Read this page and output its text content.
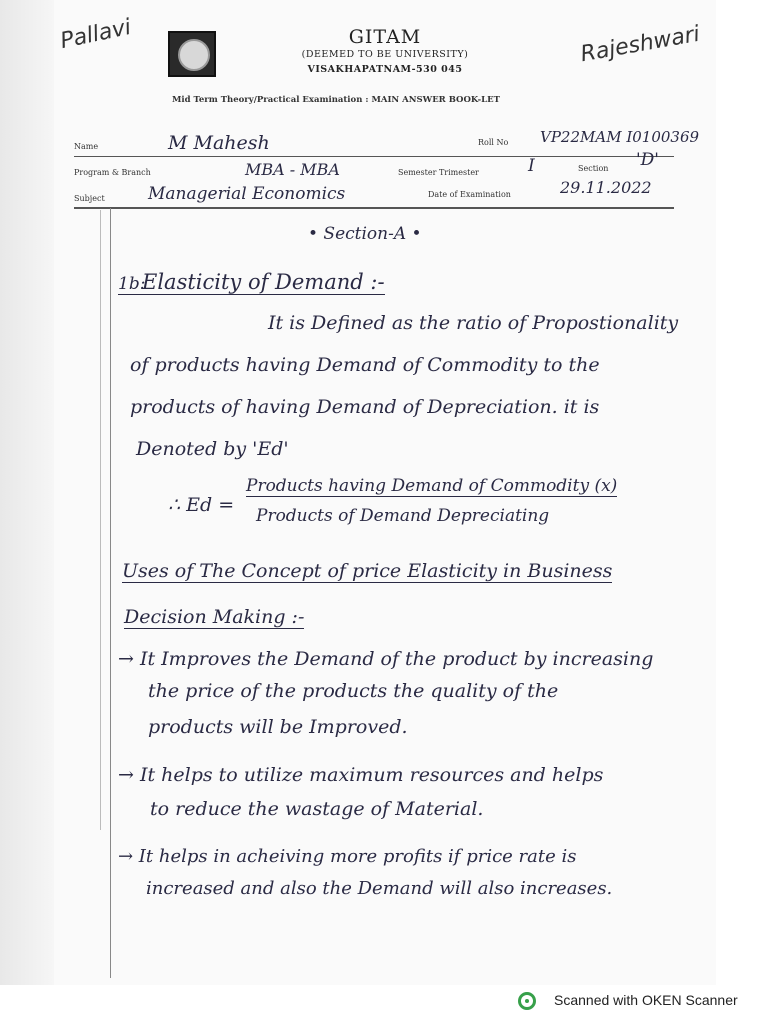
Pallavi	GITAM
(DEEMED TO BE UNIVERSITY)
VISAKHAPATNAM-530 045
Rajeshwari
Mid Term Theory/Practical Examination : MAIN ANSWER BOOK-LET
Name	M Mahesh	Roll No VP22MAM I0100369
Program & Branch	MBA - MBA	Semester Trimester	I	Section 'D'
Subject	Managerial Economics	Date of Examination	29.11.2022
• Section-A •
1b:
Elasticity of Demand :-
It is Defined as the ratio of Propostionality
of products having Demand of Commodity to the
products of having Demand of Depreciation. it is
Denoted by 'Ed'
∴ Ed =
Products having Demand of Commodity (x)
Products of Demand Depreciating
Uses of The Concept of price Elasticity in Business
Decision Making :-
→ It Improves the Demand of the product by increasing
the price of the products the quality of the
products will be Improved.
→ It helps to utilize maximum resources and helps
to reduce the wastage of Material.
→ It helps in acheiving more profits if price rate is
increased and also the Demand will also increases.
Scanned with OKEN Scanner
